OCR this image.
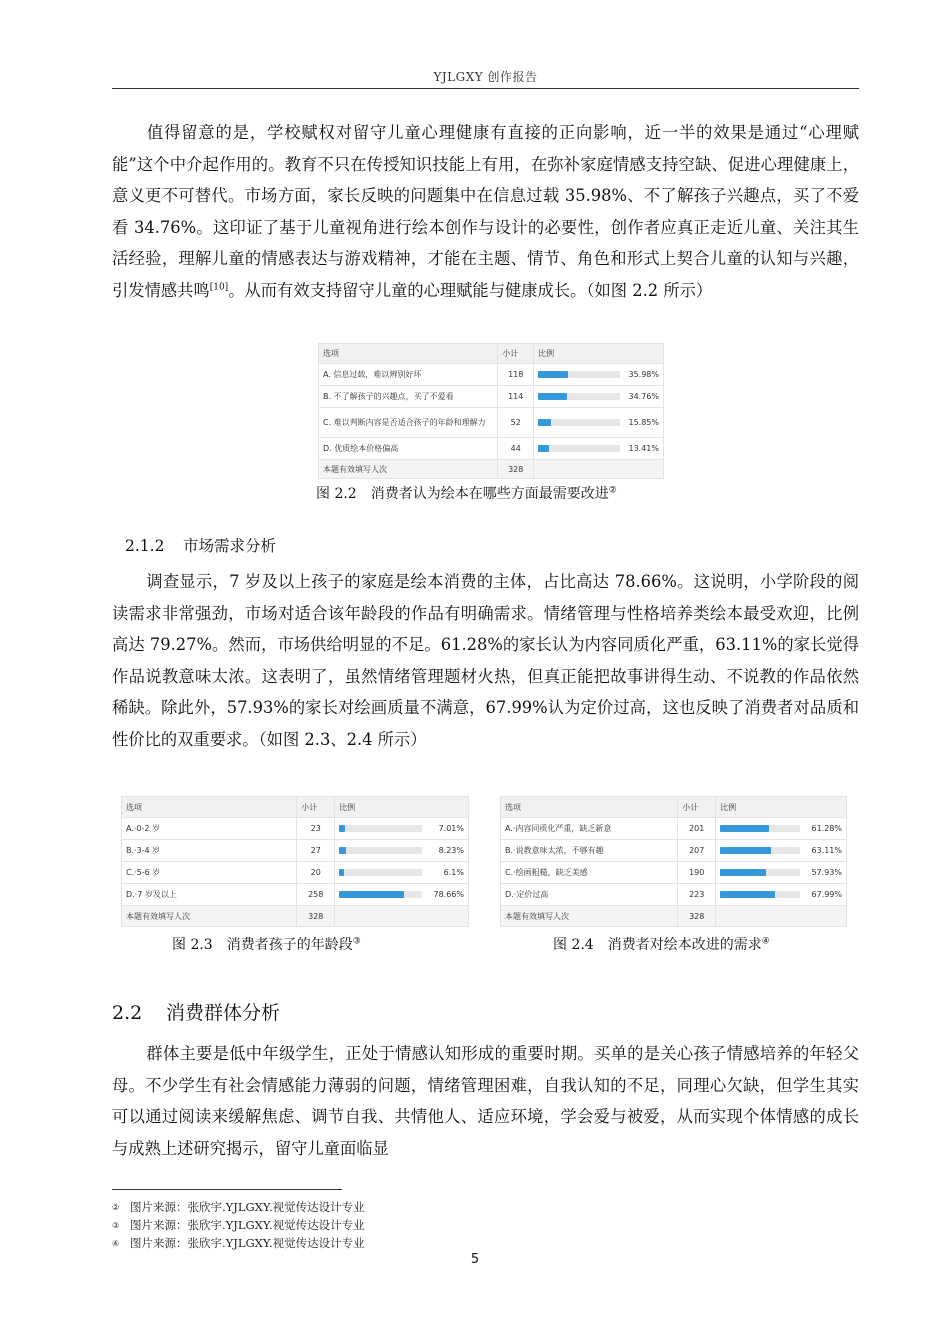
YJLGXY 创作报告

值得留意的是，学校赋权对留守儿童心理健康有直接的正向影响，近一半的效果是通过“心理赋能”这个中介起作用的。教育不只在传授知识技能上有用，在弥补家庭情感支持空缺、促进心理健康上，意义更不可替代。市场方面，家长反映的问题集中在信息过载 35.98%、不了解孩子兴趣点，买了不爱看 34.76%。这印证了基于儿童视角进行绘本创作与设计的必要性，创作者应真正走近儿童、关注其生活经验，理解儿童的情感表达与游戏精神，才能在主题、情节、角色和形式上契合儿童的认知与兴趣，引发情感共鸣[10]。从而有效支持留守儿童的心理赋能与健康成长。（如图 2.2 所示）

选项	小计	比例
A. 信息过载，难以辨别好坏	118	35.98%

B. 不了解孩子的兴趣点，买了不爱看	114	34.76%

C. 难以判断内容是否适合孩子的年龄和理解力	52	15.85%

D. 优质绘本价格偏高	44	13.41%

本题有效填写人次	328	
图 2.2 消费者认为绘本在哪些方面最需要改进②
2.1.2 市场需求分析

调查显示，7 岁及以上孩子的家庭是绘本消费的主体，占比高达 78.66%。这说明，小学阶段的阅读需求非常强劲，市场对适合该年龄段的作品有明确需求。情绪管理与性格培养类绘本最受欢迎，比例高达 79.27%。然而，市场供给明显的不足。61.28%的家长认为内容同质化严重，63.11%的家长觉得作品说教意味太浓。这表明了，虽然情绪管理题材火热，但真正能把故事讲得生动、不说教的作品依然稀缺。除此外，57.93%的家长对绘画质量不满意，67.99%认为定价过高，这也反映了消费者对品质和性价比的双重要求。（如图 2.3、2.4 所示）

选项	小计	比例
A.·0-2 岁	23	7.01%

B.·3-4 岁	27	8.23%

C.·5-6 岁	20	6.1%

D.·7 岁及以上	258	78.66%

本题有效填写人次	328	
选项	小计	比例
A.·内容同质化严重，缺乏新意	201	61.28%

B.·说教意味太浓，不够有趣	207	63.11%

C.·绘画粗糙，缺乏美感	190	57.93%

D.·定价过高	223	67.99%

本题有效填写人次	328	
图 2.3 消费者孩子的年龄段③	图 2.4 消费者对绘本改进的需求④
2.2 消费群体分析

群体主要是低中年级学生，正处于情感认知形成的重要时期。买单的是关心孩子情感培养的年轻父母。不少学生有社会情感能力薄弱的问题，情绪管理困难，自我认知的不足，同理心欠缺，但学生其实可以通过阅读来缓解焦虑、调节自我、共情他人、适应环境，学会爱与被爱，从而实现个体情感的成长与成熟上述研究揭示，留守儿童面临显

② 图片来源：张欣宇.YJLGXY.视觉传达设计专业
③ 图片来源：张欣宇.YJLGXY.视觉传达设计专业
④ 图片来源：张欣宇.YJLGXY.视觉传达设计专业
5
